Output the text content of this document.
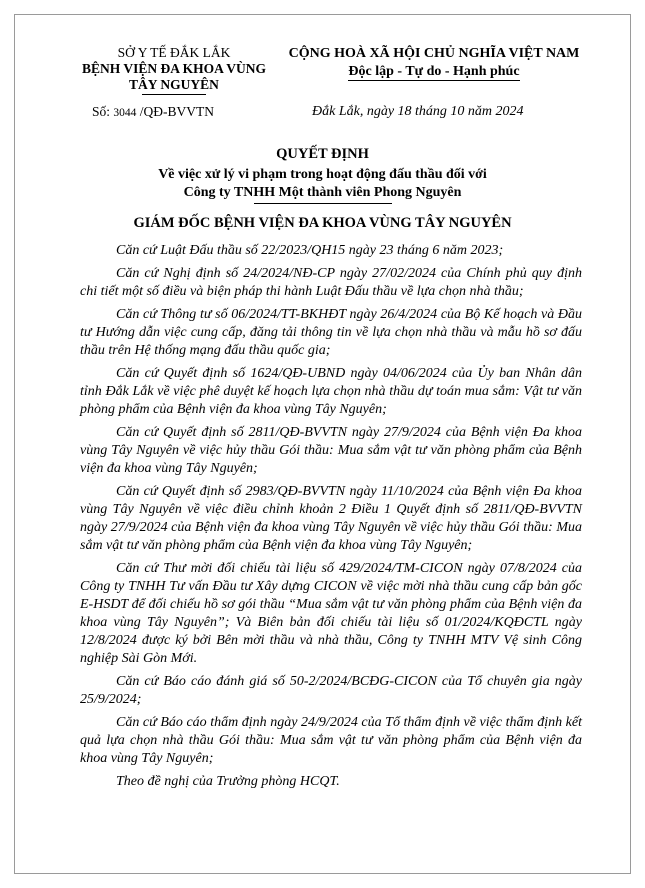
SỞ Y TẾ ĐẮK LẮK
BỆNH VIỆN ĐA KHOA VÙNG
TÂY NGUYÊN
CỘNG HOÀ XÃ HỘI CHỦ NGHĨA VIỆT NAM
Độc lập - Tự do - Hạnh phúc
Số: 3044 /QĐ-BVVTN	Đắk Lắk, ngày 18 tháng 10 năm 2024
QUYẾT ĐỊNH
Về việc xử lý vi phạm trong hoạt động đấu thầu đối với
Công ty TNHH Một thành viên Phong Nguyên
GIÁM ĐỐC BỆNH VIỆN ĐA KHOA VÙNG TÂY NGUYÊN

Căn cứ Luật Đấu thầu số 22/2023/QH15 ngày 23 tháng 6 năm 2023;

Căn cứ Nghị định số 24/2024/NĐ-CP ngày 27/02/2024 của Chính phủ quy định chi tiết một số điều và biện pháp thi hành Luật Đấu thầu về lựa chọn nhà thầu;

Căn cứ Thông tư số 06/2024/TT-BKHĐT ngày 26/4/2024 của Bộ Kế hoạch và Đầu tư Hướng dẫn việc cung cấp, đăng tải thông tin về lựa chọn nhà thầu và mẫu hồ sơ đấu thầu trên Hệ thống mạng đấu thầu quốc gia;

Căn cứ Quyết định số 1624/QĐ-UBND ngày 04/06/2024 của Ủy ban Nhân dân tỉnh Đắk Lắk về việc phê duyệt kế hoạch lựa chọn nhà thầu dự toán mua sắm: Vật tư văn phòng phẩm của Bệnh viện đa khoa vùng Tây Nguyên;

Căn cứ Quyết định số 2811/QĐ-BVVTN ngày 27/9/2024 của Bệnh viện Đa khoa vùng Tây Nguyên về việc hủy thầu Gói thầu: Mua sắm vật tư văn phòng phẩm của Bệnh viện đa khoa vùng Tây Nguyên;

Căn cứ Quyết định số 2983/QĐ-BVVTN ngày 11/10/2024 của Bệnh viện Đa khoa vùng Tây Nguyên về việc điều chỉnh khoản 2 Điều 1 Quyết định số 2811/QĐ-BVVTN ngày 27/9/2024 của Bệnh viện đa khoa vùng Tây Nguyên về việc hủy thầu Gói thầu: Mua sắm vật tư văn phòng phẩm của Bệnh viện đa khoa vùng Tây Nguyên;

Căn cứ Thư mời đối chiếu tài liệu số 429/2024/TM-CICON ngày 07/8/2024 của Công ty TNHH Tư vấn Đầu tư Xây dựng CICON về việc mời nhà thầu cung cấp bản gốc E-HSDT để đối chiếu hồ sơ gói thầu “Mua sắm vật tư văn phòng phẩm của Bệnh viện đa khoa vùng Tây Nguyên”; Và Biên bản đối chiếu tài liệu số 01/2024/KQĐCTL ngày 12/8/2024 được ký bởi Bên mời thầu và nhà thầu, Công ty TNHH MTV Vệ sinh Công nghiệp Sài Gòn Mới.

Căn cứ Báo cáo đánh giá số 50-2/2024/BCĐG-CICON của Tổ chuyên gia ngày 25/9/2024;

Căn cứ Báo cáo thẩm định ngày 24/9/2024 của Tổ thẩm định về việc thẩm định kết quả lựa chọn nhà thầu Gói thầu: Mua sắm vật tư văn phòng phẩm của Bệnh viện đa khoa vùng Tây Nguyên;

Theo đề nghị của Trưởng phòng HCQT.
